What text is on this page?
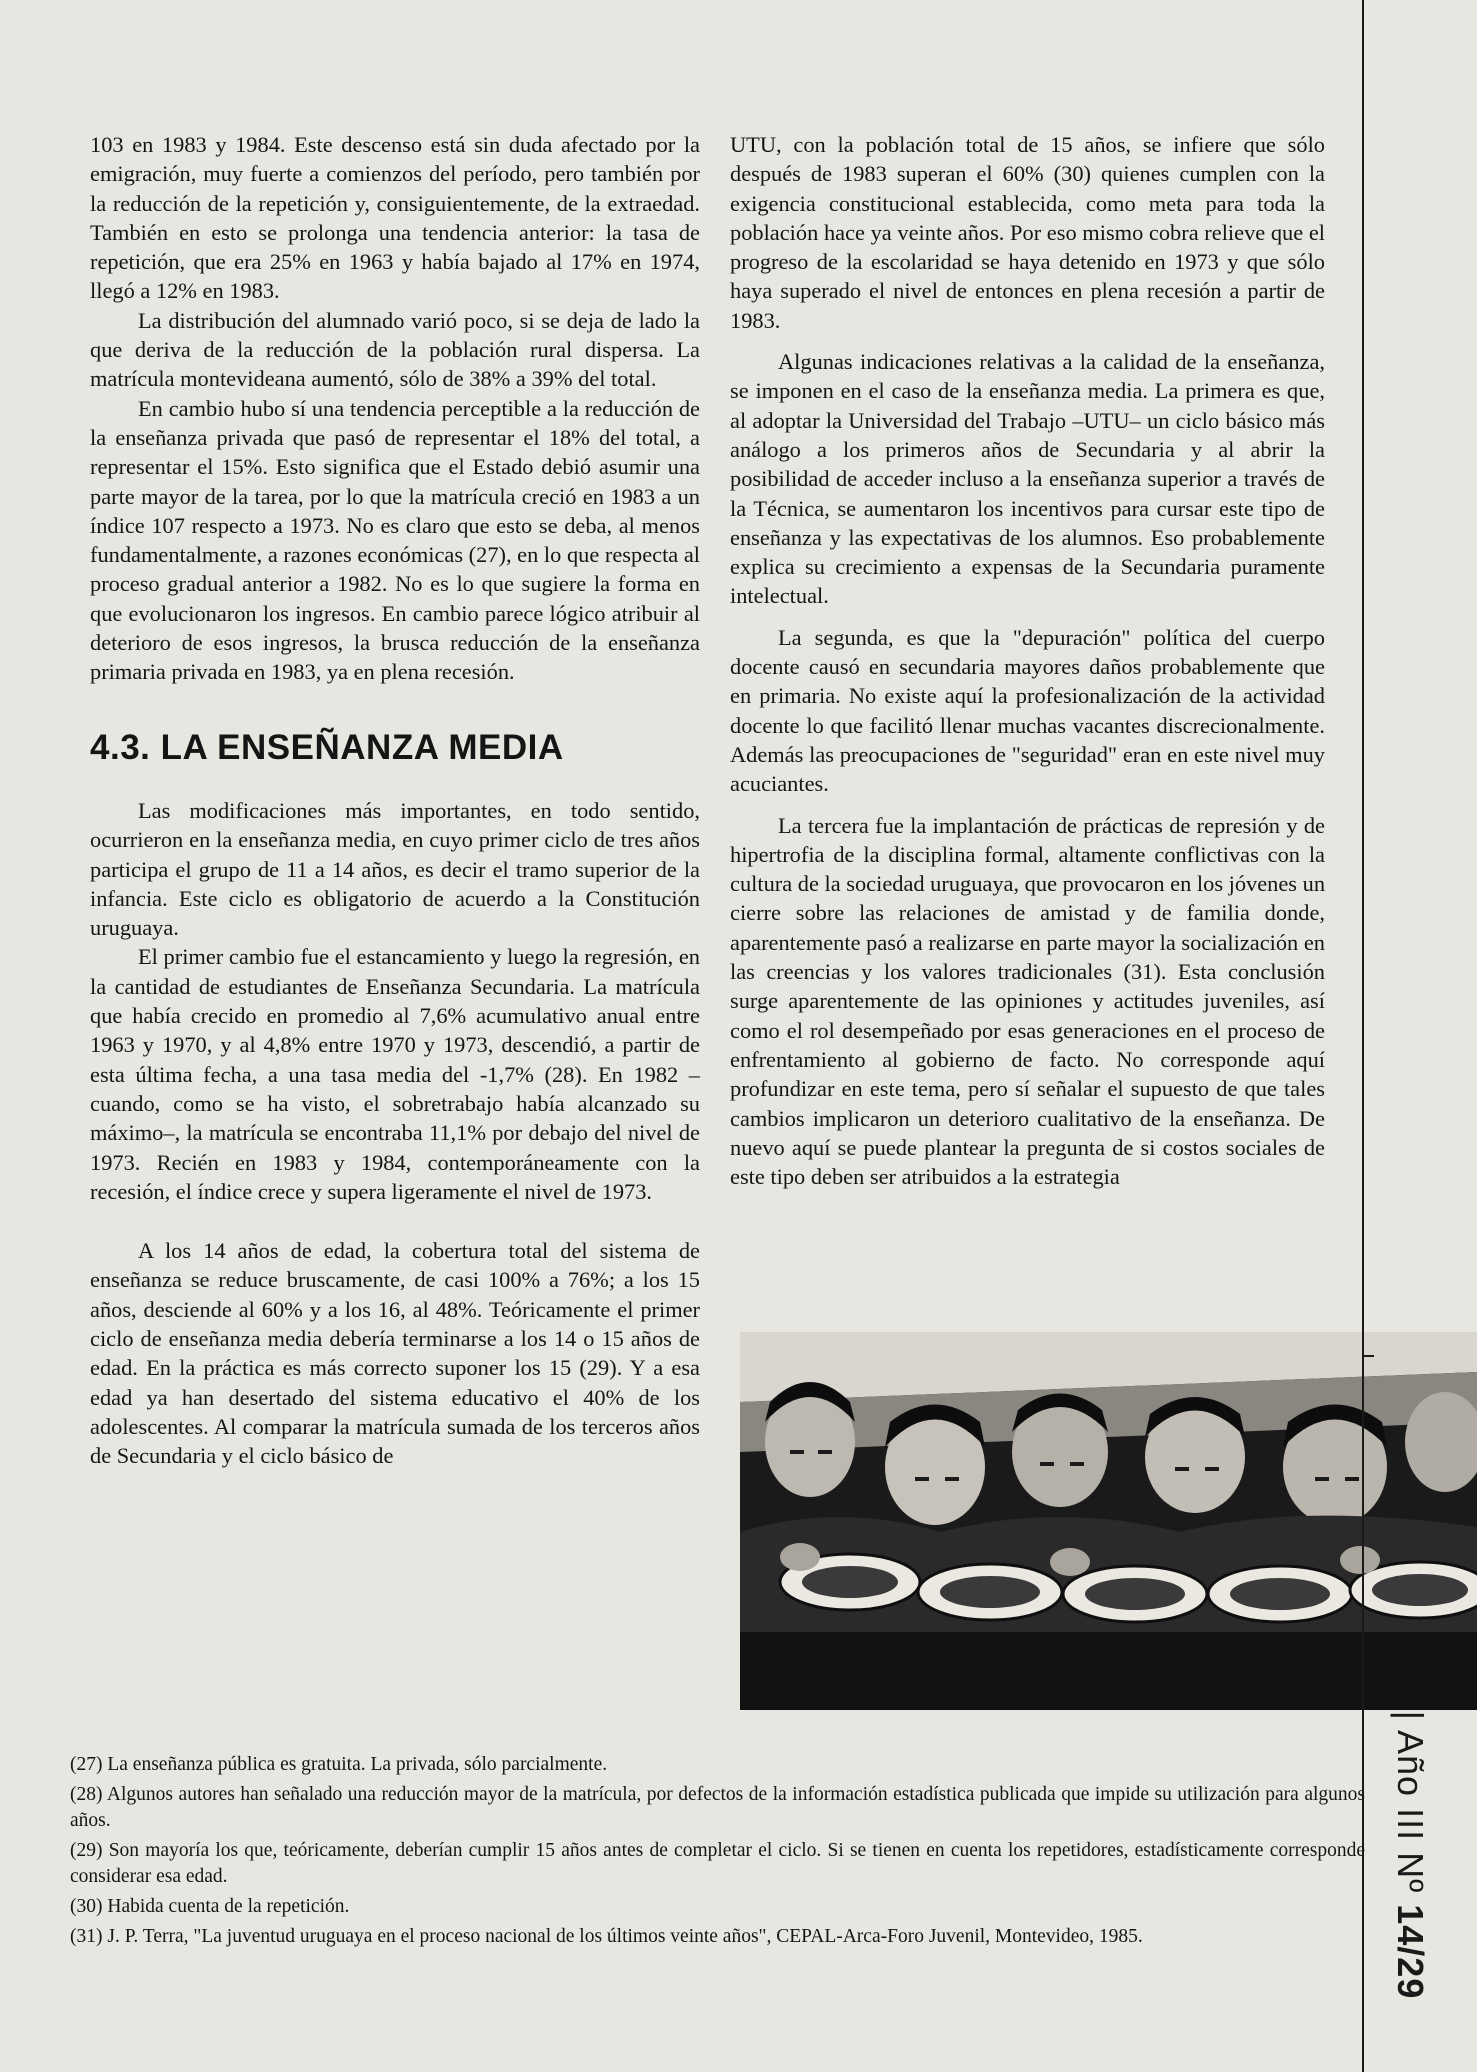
103 en 1983 y 1984. Este descenso está sin duda afectado por la emigración, muy fuerte a comienzos del período, pero también por la reducción de la repetición y, consiguientemente, de la extraedad. También en esto se prolonga una tendencia anterior: la tasa de repetición, que era 25% en 1963 y había bajado al 17% en 1974, llegó a 12% en 1983.

La distribución del alumnado varió poco, si se deja de lado la que deriva de la reducción de la población rural dispersa. La matrícula montevideana aumentó, sólo de 38% a 39% del total.

En cambio hubo sí una tendencia perceptible a la reducción de la enseñanza privada que pasó de representar el 18% del total, a representar el 15%. Esto significa que el Estado debió asumir una parte mayor de la tarea, por lo que la matrícula creció en 1983 a un índice 107 respecto a 1973. No es claro que esto se deba, al menos fundamentalmente, a razones económicas (27), en lo que respecta al proceso gradual anterior a 1982. No es lo que sugiere la forma en que evolucionaron los ingresos. En cambio parece lógico atribuir al deterioro de esos ingresos, la brusca reducción de la enseñanza primaria privada en 1983, ya en plena recesión.

4.3. LA ENSEÑANZA MEDIA

Las modificaciones más importantes, en todo sentido, ocurrieron en la enseñanza media, en cuyo primer ciclo de tres años participa el grupo de 11 a 14 años, es decir el tramo superior de la infancia. Este ciclo es obligatorio de acuerdo a la Constitución uruguaya.

El primer cambio fue el estancamiento y luego la regresión, en la cantidad de estudiantes de Enseñanza Secundaria. La matrícula que había crecido en promedio al 7,6% acumulativo anual entre 1963 y 1970, y al 4,8% entre 1970 y 1973, descendió, a partir de esta última fecha, a una tasa media del -1,7% (28). En 1982 –cuando, como se ha visto, el sobretrabajo había alcanzado su máximo–, la matrícula se encontraba 11,1% por debajo del nivel de 1973. Recién en 1983 y 1984, contemporáneamente con la recesión, el índice crece y supera ligeramente el nivel de 1973.

A los 14 años de edad, la cobertura total del sistema de enseñanza se reduce bruscamente, de casi 100% a 76%; a los 15 años, desciende al 60% y a los 16, al 48%. Teóricamente el primer ciclo de enseñanza media debería terminarse a los 14 o 15 años de edad. En la práctica es más correcto suponer los 15 (29). Y a esa edad ya han desertado del sistema educativo el 40% de los adolescentes. Al comparar la matrícula sumada de los terceros años de Secundaria y el ciclo básico de

UTU, con la población total de 15 años, se infiere que sólo después de 1983 superan el 60% (30) quienes cumplen con la exigencia constitucional establecida, como meta para toda la población hace ya veinte años. Por eso mismo cobra relieve que el progreso de la escolaridad se haya detenido en 1973 y que sólo haya superado el nivel de entonces en plena recesión a partir de 1983.

Algunas indicaciones relativas a la calidad de la enseñanza, se imponen en el caso de la enseñanza media. La primera es que, al adoptar la Universidad del Trabajo –UTU– un ciclo básico más análogo a los primeros años de Secundaria y al abrir la posibilidad de acceder incluso a la enseñanza superior a través de la Técnica, se aumentaron los incentivos para cursar este tipo de enseñanza y las expectativas de los alumnos. Eso probablemente explica su crecimiento a expensas de la Secundaria puramente intelectual.

La segunda, es que la "depuración" política del cuerpo docente causó en secundaria mayores daños probablemente que en primaria. No existe aquí la profesionalización de la actividad docente lo que facilitó llenar muchas vacantes discrecionalmente. Además las preocupaciones de "seguridad" eran en este nivel muy acuciantes.

La tercera fue la implantación de prácticas de represión y de hipertrofia de la disciplina formal, altamente conflictivas con la cultura de la sociedad uruguaya, que provocaron en los jóvenes un cierre sobre las relaciones de amistad y de familia donde, aparentemente pasó a realizarse en parte mayor la socialización en las creencias y los valores tradicionales (31). Esta conclusión surge aparentemente de las opiniones y actitudes juveniles, así como el rol desempeñado por esas generaciones en el proceso de enfrentamiento al gobierno de facto. No corresponde aquí profundizar en este tema, pero sí señalar el supuesto de que tales cambios implicaron un deterioro cualitativo de la enseñanza. De nuevo aquí se puede plantear la pregunta de si costos sociales de este tipo deben ser atribuidos a la estrategia

| Año III Nº 14/29

(27) La enseñanza pública es gratuita. La privada, sólo parcialmente.

(28) Algunos autores han señalado una reducción mayor de la matrícula, por defectos de la información estadística publicada que impide su utilización para algunos años.

(29) Son mayoría los que, teóricamente, deberían cumplir 15 años antes de completar el ciclo. Si se tienen en cuenta los repetidores, estadísticamente corresponde considerar esa edad.

(30) Habida cuenta de la repetición.

(31) J. P. Terra, "La juventud uruguaya en el proceso nacional de los últimos veinte años", CEPAL-Arca-Foro Juvenil, Montevideo, 1985.
